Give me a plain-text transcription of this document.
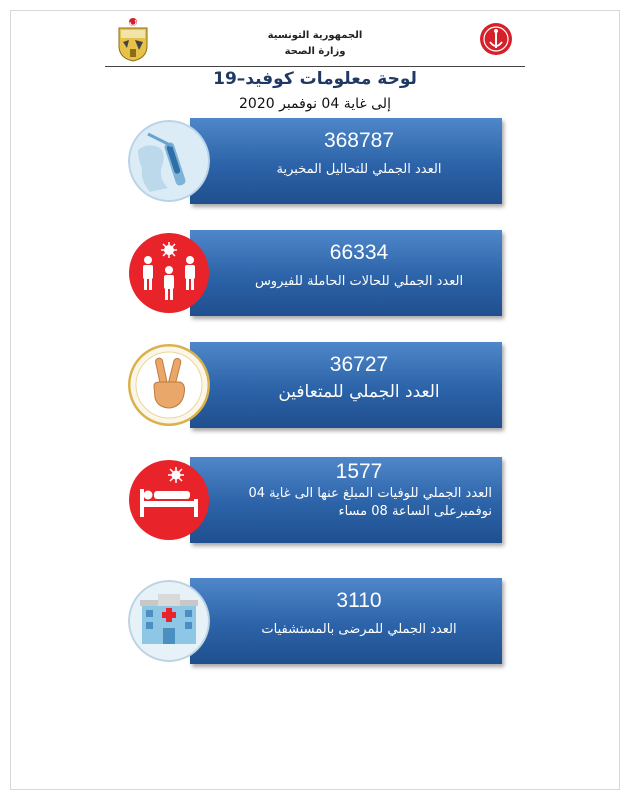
الجمهورية التونسية
وزارة الصحة
لوحة معلومات كوفيد–19
إلى غاية 04 نوفمبر 2020
368787
العدد الجملي للتحاليل المخبرية
66334
العدد الجملي للحالات الحاملة للفيروس
36727
العدد الجملي للمتعافين
1577
العدد الجملي للوفيات المبلغ عنها الى غاية 04 نوفمبرعلى الساعة 08 مساء
3110
العدد الجملي للمرضى بالمستشفيات
